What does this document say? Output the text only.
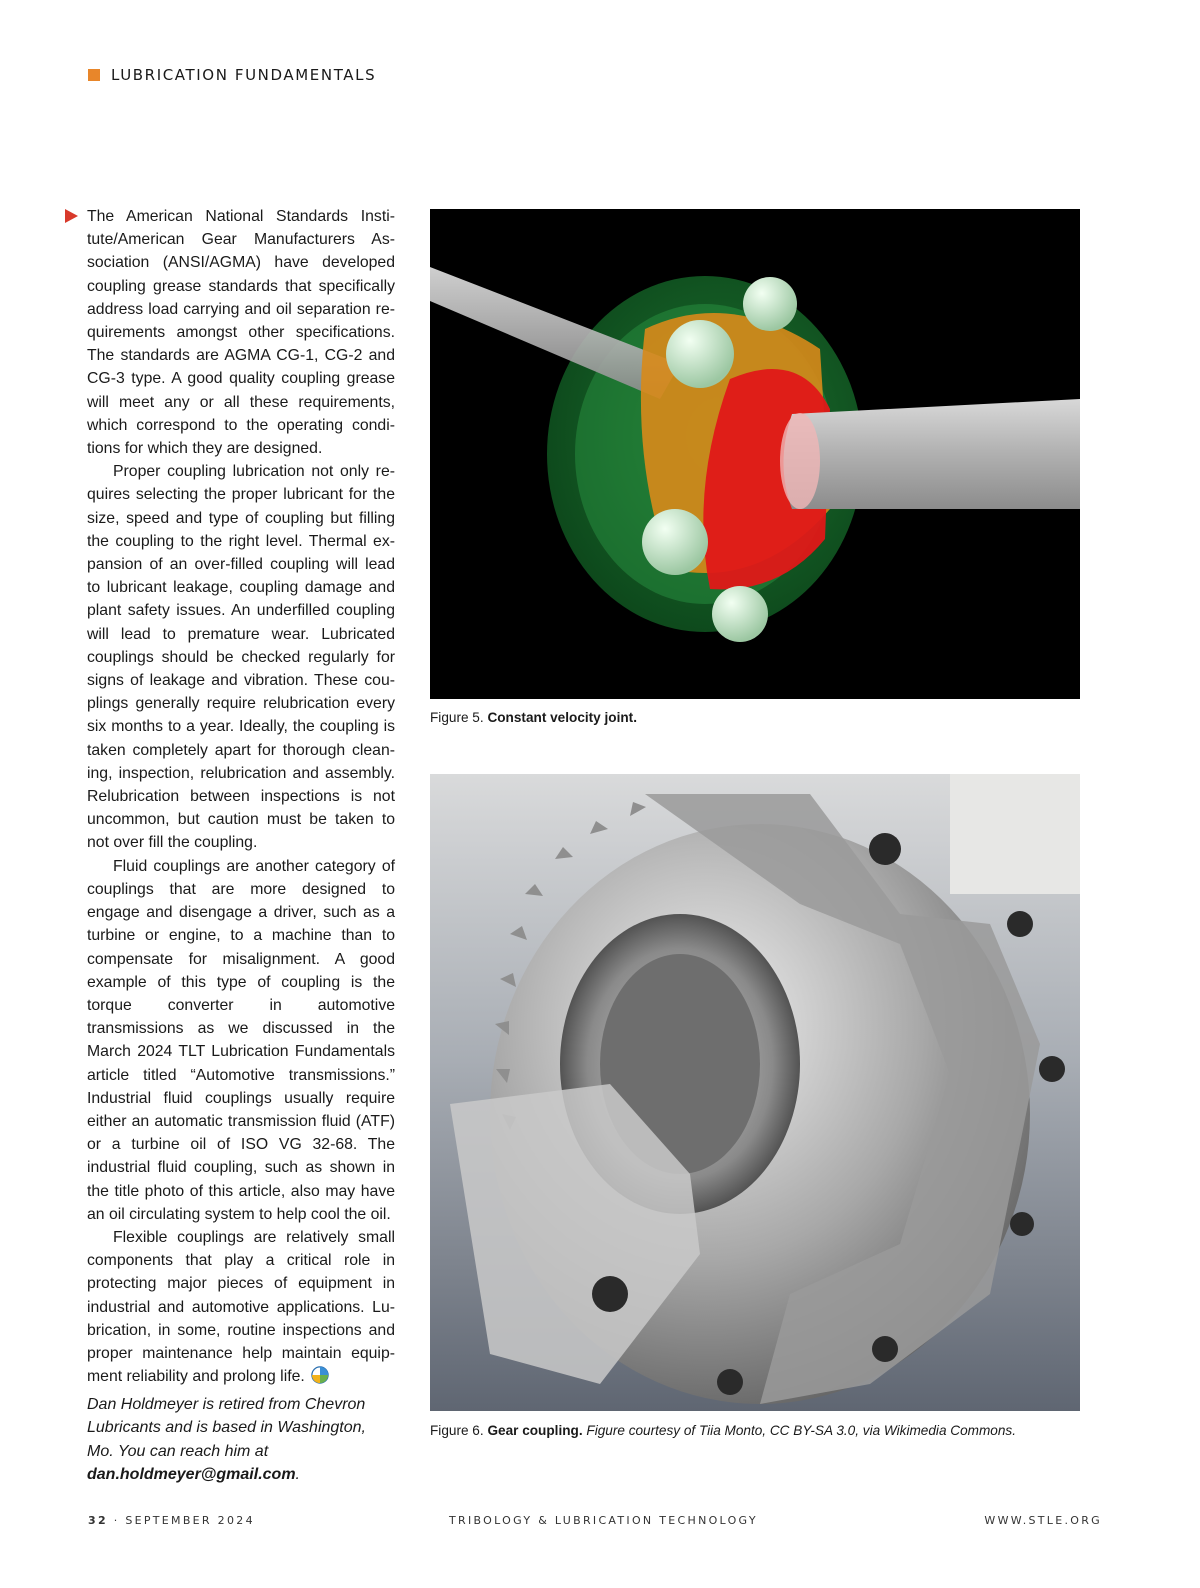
LUBRICATION FUNDAMENTALS

The American National Standards Institute/American Gear Manufacturers Association (ANSI/AGMA) have developed coupling grease standards that specifically address load carrying and oil separation requirements amongst other specifications. The standards are AGMA CG-1, CG-2 and CG-3 type. A good quality coupling grease will meet any or all these requirements, which correspond to the operating conditions for which they are designed.

Proper coupling lubrication not only requires selecting the proper lubricant for the size, speed and type of coupling but filling the coupling to the right level. Thermal expansion of an over-filled coupling will lead to lubricant leakage, coupling damage and plant safety issues. An underfilled coupling will lead to premature wear. Lubricated couplings should be checked regularly for signs of leakage and vibration. These couplings generally require relubrication every six months to a year. Ideally, the coupling is taken completely apart for thorough cleaning, inspection, relubrication and assembly. Relubrication between inspections is not uncommon, but caution must be taken to not over fill the coupling.

Fluid couplings are another category of couplings that are more designed to engage and disengage a driver, such as a turbine or engine, to a machine than to compensate for misalignment. A good example of this type of coupling is the torque converter in automotive transmissions as we discussed in the March 2024 TLT Lubrication Fundamentals article titled “Automotive transmissions.” Industrial fluid couplings usually require either an automatic transmission fluid (ATF) or a turbine oil of ISO VG 32-68. The industrial fluid coupling, such as shown in the title photo of this article, also may have an oil circulating system to help cool the oil.

Flexible couplings are relatively small components that play a critical role in protecting major pieces of equipment in industrial and automotive applications. Lubrication, in some, routine inspections and proper maintenance help maintain equipment reliability and prolong life.

Dan Holdmeyer is retired from Chevron Lubricants and is based in Washington, Mo. You can reach him at dan.holdmeyer@gmail.com.
Figure 5. Constant velocity joint.
Figure 6. Gear coupling. Figure courtesy of Tiia Monto, CC BY-SA 3.0, via Wikimedia Commons.
32 · SEPTEMBER 2024	TRIBOLOGY & LUBRICATION TECHNOLOGY	WWW.STLE.ORG
